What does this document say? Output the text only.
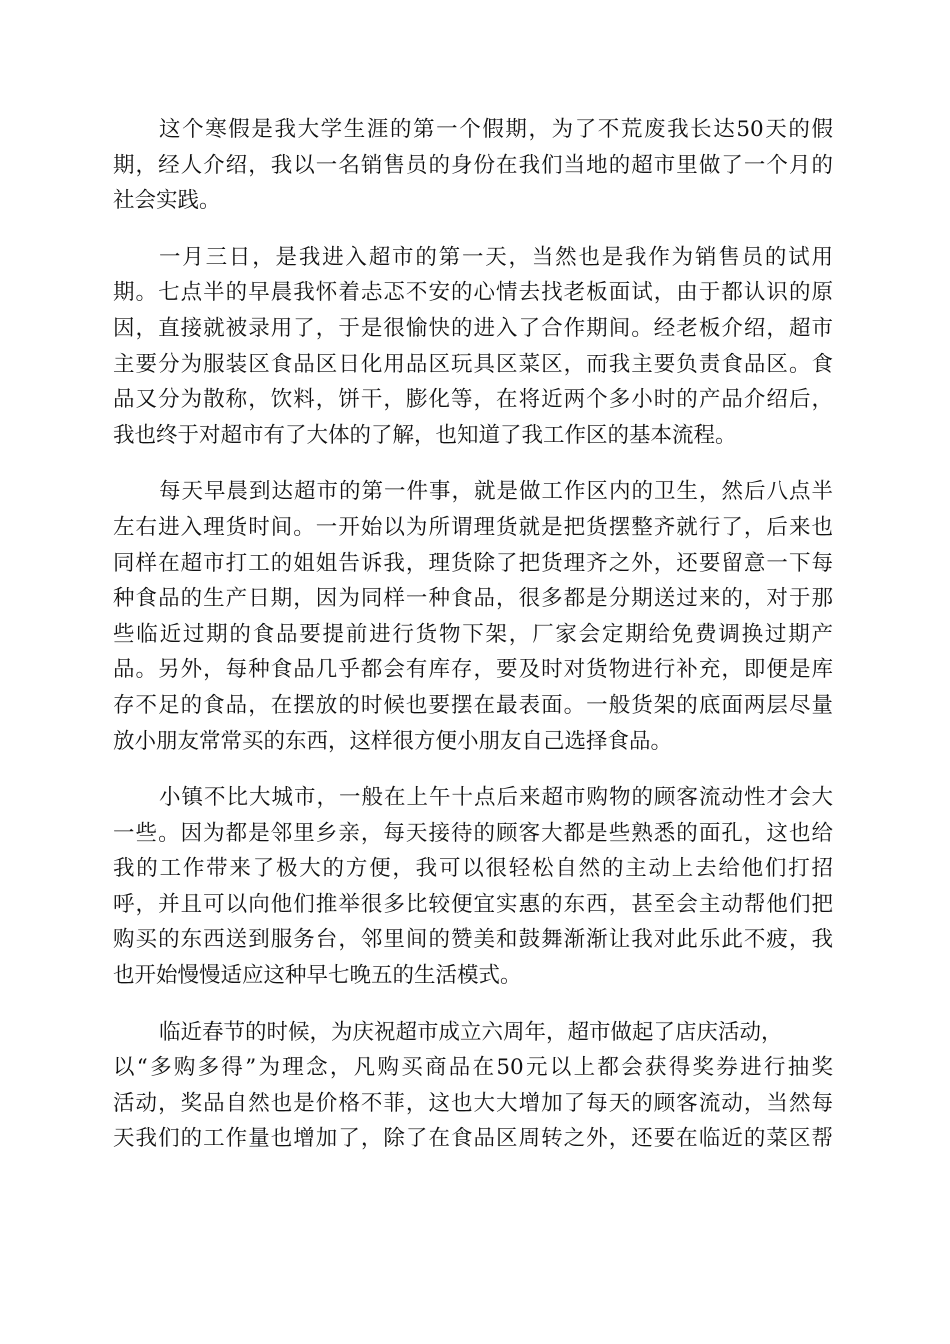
这个寒假是我大学生涯的第一个假期，为了不荒废我长达50天的假
期，经人介绍，我以一名销售员的身份在我们当地的超市里做了一个月的
社会实践。

一月三日，是我进入超市的第一天，当然也是我作为销售员的试用
期。七点半的早晨我怀着忐忑不安的心情去找老板面试，由于都认识的原
因，直接就被录用了，于是很愉快的进入了合作期间。经老板介绍，超市
主要分为服装区食品区日化用品区玩具区菜区，而我主要负责食品区。食
品又分为散称，饮料，饼干，膨化等，在将近两个多小时的产品介绍后，
我也终于对超市有了大体的了解，也知道了我工作区的基本流程。

每天早晨到达超市的第一件事，就是做工作区内的卫生，然后八点半
左右进入理货时间。一开始以为所谓理货就是把货摆整齐就行了，后来也
同样在超市打工的姐姐告诉我，理货除了把货理齐之外，还要留意一下每
种食品的生产日期，因为同样一种食品，很多都是分期送过来的，对于那
些临近过期的食品要提前进行货物下架，厂家会定期给免费调换过期产
品。另外，每种食品几乎都会有库存，要及时对货物进行补充，即便是库
存不足的食品，在摆放的时候也要摆在最表面。一般货架的底面两层尽量
放小朋友常常买的东西，这样很方便小朋友自己选择食品。

小镇不比大城市，一般在上午十点后来超市购物的顾客流动性才会大
一些。因为都是邻里乡亲，每天接待的顾客大都是些熟悉的面孔，这也给
我的工作带来了极大的方便，我可以很轻松自然的主动上去给他们打招
呼，并且可以向他们推举很多比较便宜实惠的东西，甚至会主动帮他们把
购买的东西送到服务台，邻里间的赞美和鼓舞渐渐让我对此乐此不疲，我
也开始慢慢适应这种早七晚五的生活模式。

临近春节的时候，为庆祝超市成立六周年，超市做起了店庆活动，
以“多购多得”为理念，凡购买商品在50元以上都会获得奖券进行抽奖
活动，奖品自然也是价格不菲，这也大大增加了每天的顾客流动，当然每
天我们的工作量也增加了，除了在食品区周转之外，还要在临近的菜区帮
